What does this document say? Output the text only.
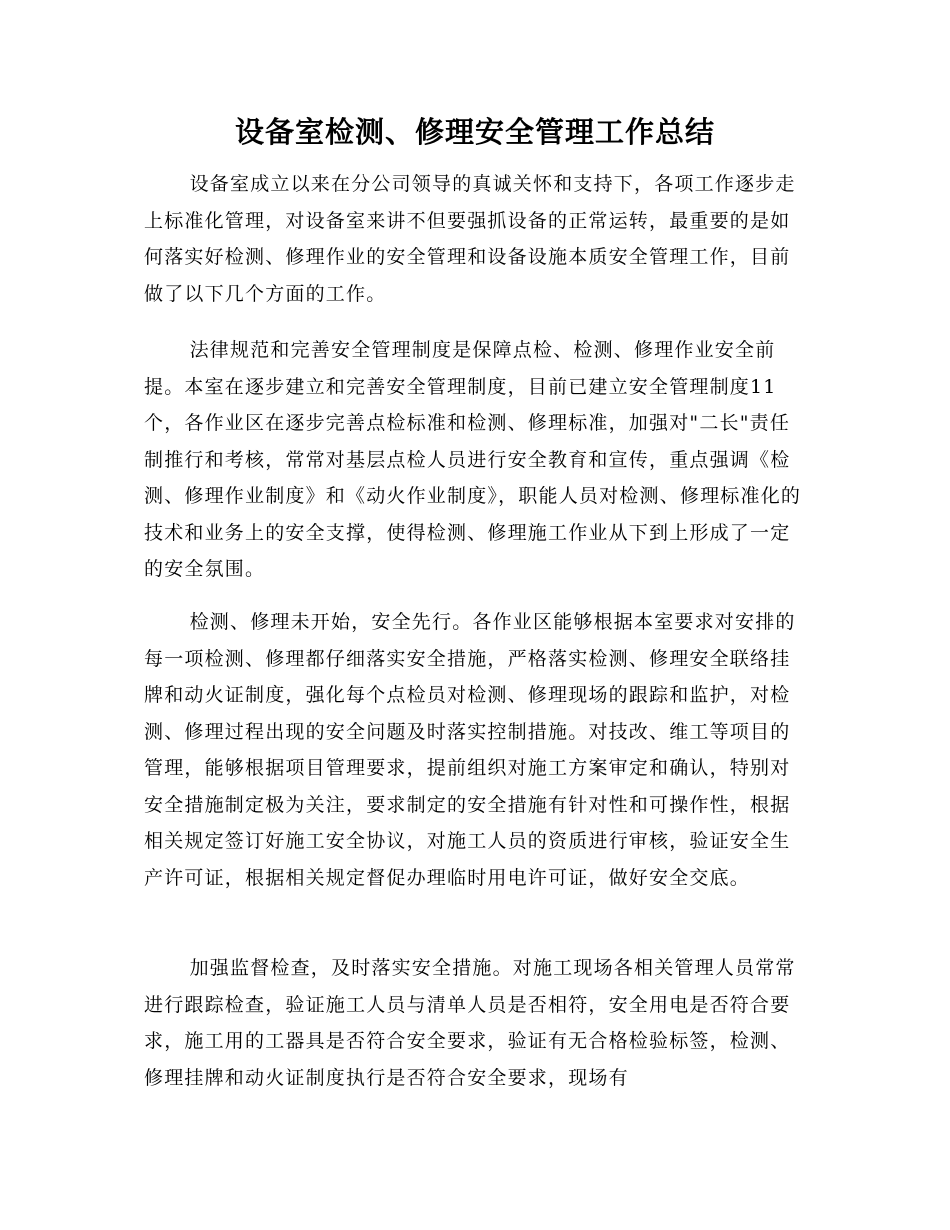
设备室检测、修理安全管理工作总结

设备室成立以来在分公司领导的真诚关怀和支持下，各项工作逐步走上标准化管理，对设备室来讲不但要强抓设备的正常运转，最重要的是如何落实好检测、修理作业的安全管理和设备设施本质安全管理工作，目前做了以下几个方面的工作。

法律规范和完善安全管理制度是保障点检、检测、修理作业安全前提。本室在逐步建立和完善安全管理制度，目前已建立安全管理制度11个，各作业区在逐步完善点检标准和检测、修理标准，加强对"二长"责任制推行和考核，常常对基层点检人员进行安全教育和宣传，重点强调《检测、修理作业制度》和《动火作业制度》，职能人员对检测、修理标准化的技术和业务上的安全支撑，使得检测、修理施工作业从下到上形成了一定的安全氛围。

检测、修理未开始，安全先行。各作业区能够根据本室要求对安排的每一项检测、修理都仔细落实安全措施，严格落实检测、修理安全联络挂牌和动火证制度，强化每个点检员对检测、修理现场的跟踪和监护，对检测、修理过程出现的安全问题及时落实控制措施。对技改、维工等项目的管理，能够根据项目管理要求，提前组织对施工方案审定和确认，特别对安全措施制定极为关注，要求制定的安全措施有针对性和可操作性，根据相关规定签订好施工安全协议，对施工人员的资质进行审核，验证安全生产许可证，根据相关规定督促办理临时用电许可证，做好安全交底。

加强监督检查，及时落实安全措施。对施工现场各相关管理人员常常进行跟踪检查，验证施工人员与清单人员是否相符，安全用电是否符合要求，施工用的工器具是否符合安全要求，验证有无合格检验标签，检测、修理挂牌和动火证制度执行是否符合安全要求，现场有
